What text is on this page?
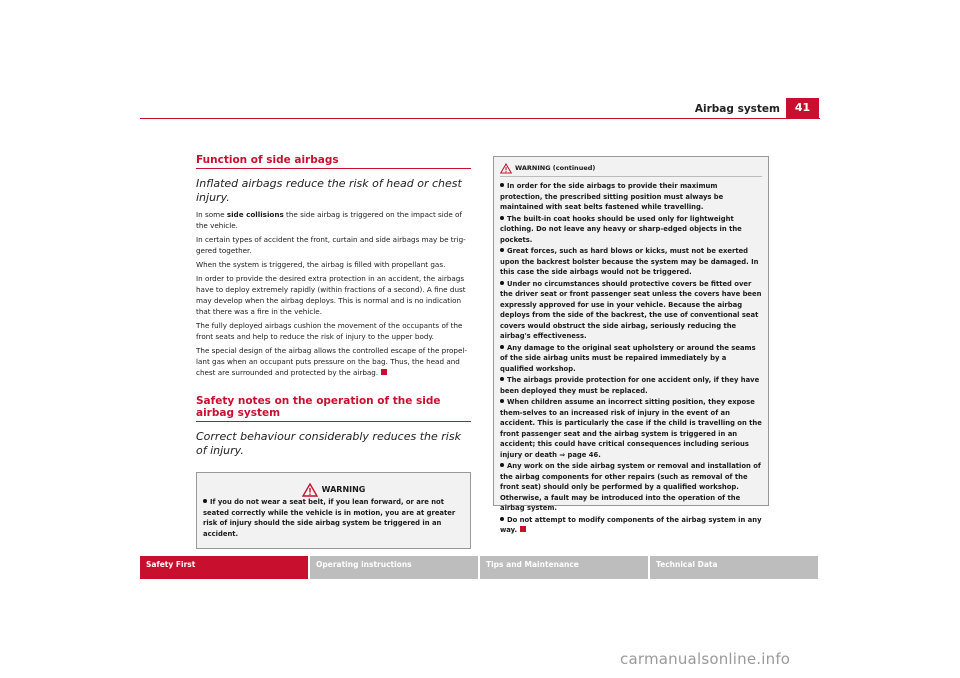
Airbag system	41
Function of side airbags
Inflated airbags reduce the risk of head or chest injury.

In some side collisions the side airbag is triggered on the impact side of the vehicle.

In certain types of accident the front, curtain and side airbags may be trig-gered together.

When the system is triggered, the airbag is filled with propellant gas.

In order to provide the desired extra protection in an accident, the airbags have to deploy extremely rapidly (within fractions of a second). A fine dust may develop when the airbag deploys. This is normal and is no indication that there was a fire in the vehicle.

The fully deployed airbags cushion the movement of the occupants of the front seats and help to reduce the risk of injury to the upper body.

The special design of the airbag allows the controlled escape of the propel-lant gas when an occupant puts pressure on the bag. Thus, the head and chest are surrounded and protected by the airbag.

Safety notes on the operation of the side airbag system
Correct behaviour considerably reduces the risk of injury.
WARNING

If you do not wear a seat belt, if you lean forward, or are not seated correctly while the vehicle is in motion, you are at greater risk of injury should the side airbag system be triggered in an accident.

WARNING (continued)

In order for the side airbags to provide their maximum protection, the prescribed sitting position must always be maintained with seat belts fastened while travelling.

The built-in coat hooks should be used only for lightweight clothing. Do not leave any heavy or sharp-edged objects in the pockets.

Great forces, such as hard blows or kicks, must not be exerted upon the backrest bolster because the system may be damaged. In this case the side airbags would not be triggered.

Under no circumstances should protective covers be fitted over the driver seat or front passenger seat unless the covers have been expressly approved for use in your vehicle. Because the airbag deploys from the side of the backrest, the use of conventional seat covers would obstruct the side airbag, seriously reducing the airbag's effectiveness.

Any damage to the original seat upholstery or around the seams of the side airbag units must be repaired immediately by a qualified workshop.

The airbags provide protection for one accident only, if they have been deployed they must be replaced.

When children assume an incorrect sitting position, they expose them-selves to an increased risk of injury in the event of an accident. This is particularly the case if the child is travelling on the front passenger seat and the airbag system is triggered in an accident; this could have critical consequences including serious injury or death ⇒ page 46.

Any work on the side airbag system or removal and installation of the airbag components for other repairs (such as removal of the front seat) should only be performed by a qualified workshop. Otherwise, a fault may be introduced into the operation of the airbag system.

Do not attempt to modify components of the airbag system in any way.

Safety First	Operating instructions	Tips and Maintenance	Technical Data
carmanualsonline.info
